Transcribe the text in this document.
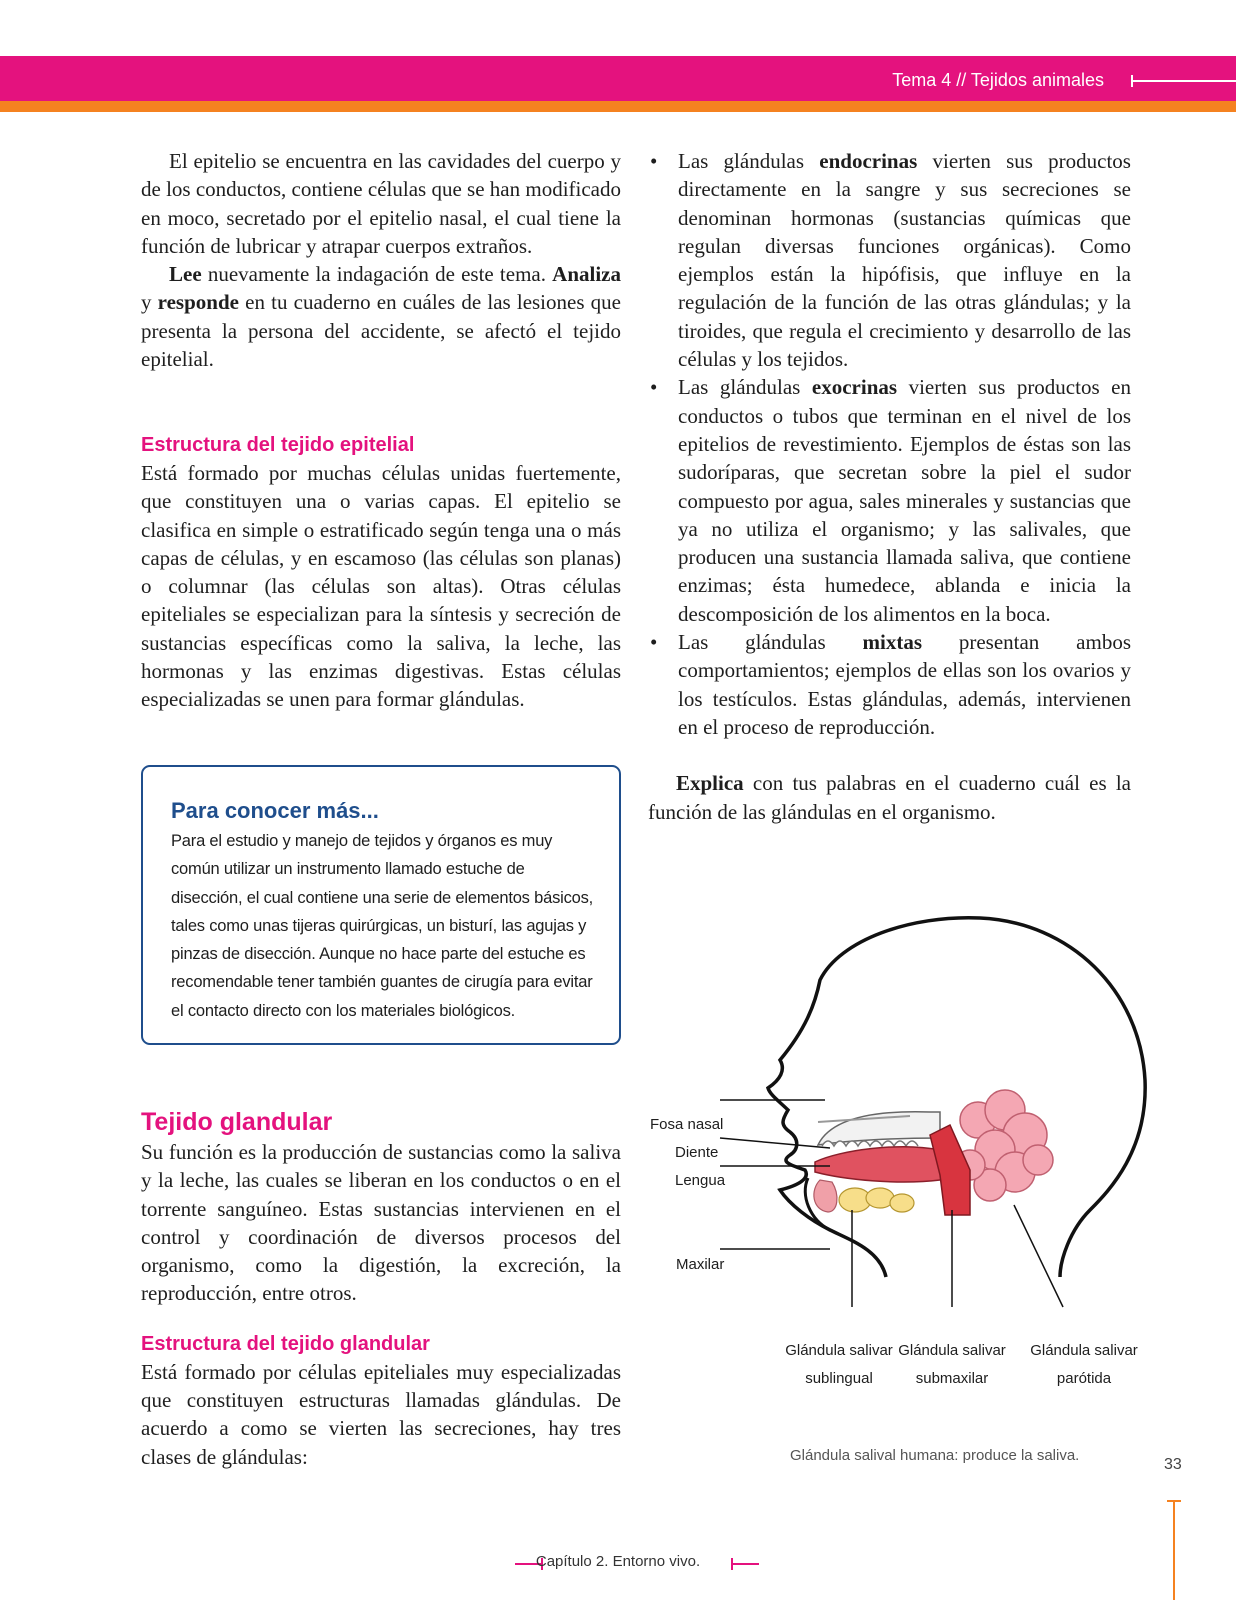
Tema 4 // Tejidos animales

El epitelio se encuentra en las cavidades del cuerpo y de los conductos, contiene células que se han modificado en moco, secretado por el epitelio nasal, el cual tiene la función de lubricar y atrapar cuerpos extraños.

Lee nuevamente la indagación de este tema. Analiza y responde en tu cuaderno en cuáles de las lesiones que presenta la persona del accidente, se afectó el tejido epitelial.

Estructura del tejido epitelial

Está formado por muchas células unidas fuertemente, que constituyen una o varias capas. El epitelio se clasifica en simple o estratificado según tenga una o más capas de células, y en escamoso (las células son planas) o columnar (las células son altas). Otras células epiteliales se especializan para la síntesis y secreción de sustancias específicas como la saliva, la leche, las hormonas y las enzimas digestivas. Estas células especializadas se unen para formar glándulas.

Para conocer más...

Para el estudio y manejo de tejidos y órganos es muy común utilizar un instrumento llamado estuche de disección, el cual contiene una serie de elementos básicos, tales como unas tijeras quirúrgicas, un bisturí, las agujas y pinzas de disección. Aunque no hace parte del estuche es recomendable tener también guantes de cirugía para evitar el contacto directo con los materiales biológicos.

Tejido glandular

Su función es la producción de sustancias como la saliva y la leche, las cuales se liberan en los conductos o en el torrente sanguíneo. Estas sustancias intervienen en el control y coordinación de diversos procesos del organismo, como la digestión, la excreción, la reproducción, entre otros.

Estructura del tejido glandular

Está formado por células epiteliales muy especializadas que constituyen estructuras llamadas glándulas. De acuerdo a como se vierten las secreciones, hay tres clases de glándulas:

• Las glándulas endocrinas vierten sus productos directamente en la sangre y sus secreciones se denominan hormonas (sustancias químicas que regulan diversas funciones orgánicas). Como ejemplos están la hipófisis, que influye en la regulación de la función de las otras glándulas; y la tiroides, que regula el crecimiento y desarrollo de las células y los tejidos.
• Las glándulas exocrinas vierten sus productos en conductos o tubos que terminan en el nivel de los epitelios de revestimiento. Ejemplos de éstas son las sudoríparas, que secretan sobre la piel el sudor compuesto por agua, sales minerales y sustancias que ya no utiliza el organismo; y las salivales, que producen una sustancia llamada saliva, que contiene enzimas; ésta humedece, ablanda e inicia la descomposición de los alimentos en la boca.
• Las glándulas mixtas presentan ambos comportamientos; ejemplos de ellas son los ovarios y los testículos. Estas glándulas, además, intervienen en el proceso de reproducción.

Explica con tus palabras en el cuaderno cuál es la función de las glándulas en el organismo.

Fosa nasal
Diente
Lengua
Maxilar
Glándula salivar
sublingual
Glándula salivar
submaxilar
Glándula salivar
parótida
Glándula salival humana: produce la saliva.
33
Capítulo 2. Entorno vivo.
